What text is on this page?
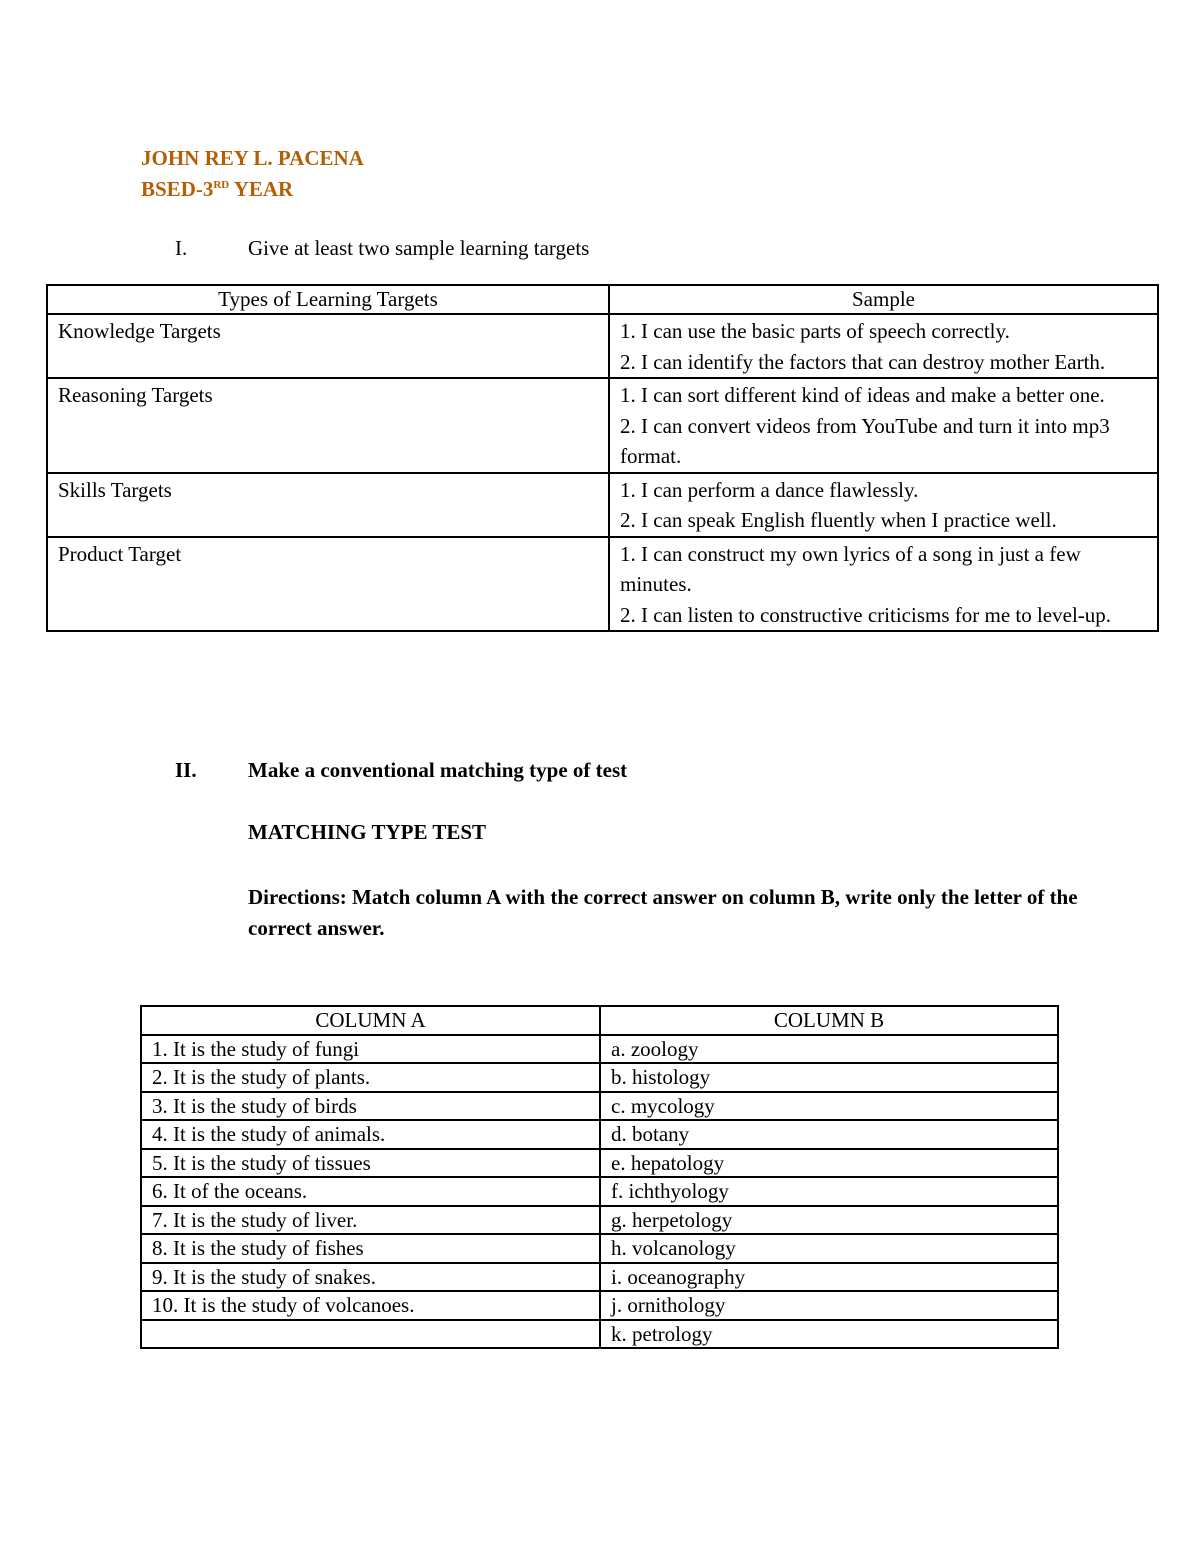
JOHN REY L. PACENA
BSED-3RD YEAR
I.	Give at least two sample learning targets
Types of Learning Targets	Sample
Knowledge Targets	1. I can use the basic parts of speech correctly.
2. I can identify the factors that can destroy mother Earth.

Reasoning Targets	1. I can sort different kind of ideas and make a better one.
2. I can convert videos from YouTube and turn it into mp3 format.

Skills Targets	1. I can perform a dance flawlessly.
2. I can speak English fluently when I practice well.

Product Target	1. I can construct my own lyrics of a song in just a few minutes.
2. I can listen to constructive criticisms for me to level-up.
II. Make a conventional matching type of test
MATCHING TYPE TEST
Directions: Match column A with the correct answer on column B, write only the letter of the correct answer.
COLUMN A	COLUMN B
1. It is the study of fungi	a. zoology
2. It is the study of plants.	b. histology
3. It is the study of birds	c. mycology
4. It is the study of animals.	d. botany
5. It is the study of tissues	e. hepatology
6. It of the oceans.	f. ichthyology
7. It is the study of liver.	g. herpetology
8. It is the study of fishes	h. volcanology
9. It is the study of snakes.	i. oceanography
10. It is the study of volcanoes.	j. ornithology
	k. petrology
